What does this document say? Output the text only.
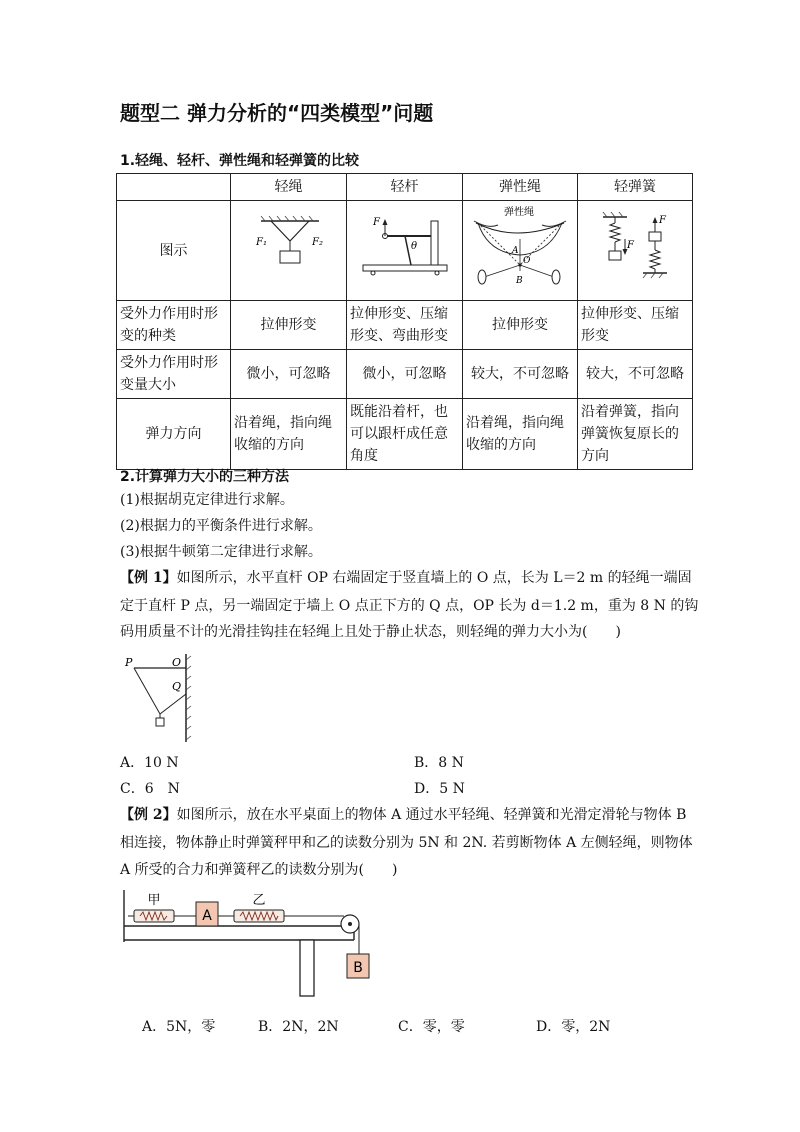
题型二 弹力分析的“四类模型”问题
1.轻绳、轻杆、弹性绳和轻弹簧的比较
	轻绳	轻杆	弹性绳	轻弹簧
图示	F₁ F₂	F
θ	弹性绳
A
O
B	F
F

受外力作用时形变的种类	拉伸形变	拉伸形变、压缩形变、弯曲形变	拉伸形变	拉伸形变、压缩形变
受外力作用时形变量大小	微小，可忽略	微小，可忽略	较大，不可忽略	较大，不可忽略
弹力方向	沿着绳，指向绳收缩的方向	既能沿着杆，也可以跟杆成任意角度	沿着绳，指向绳收缩的方向	沿着弹簧，指向弹簧恢复原长的方向
2.计算弹力大小的三种方法
(1)根据胡克定律进行求解。
(2)根据力的平衡条件进行求解。
(3)根据牛顿第二定律进行求解。
【例 1】如图所示，水平直杆 OP 右端固定于竖直墙上的 O 点，长为 L＝2 m 的轻绳一端固
定于直杆 P 点，另一端固定于墙上 O 点正下方的 Q 点，OP 长为 d＝1.2 m，重为 8 N 的钩
码用质量不计的光滑挂钩挂在轻绳上且处于静止状态，则轻绳的弹力大小为(　　)
P	O
Q
A．10 N	B．8 N
C．6　N	D．5 N
【例 2】如图所示，放在水平桌面上的物体 A 通过水平轻绳、轻弹簧和光滑定滑轮与物体 B
相连接，物体静止时弹簧秤甲和乙的读数分别为 5N 和 2N. 若剪断物体 A 左侧轻绳，则物体
A 所受的合力和弹簧秤乙的读数分别为(　　)
A
B
甲	乙
A．5N，零	B．2N，2N	C．零，零	D．零，2N
